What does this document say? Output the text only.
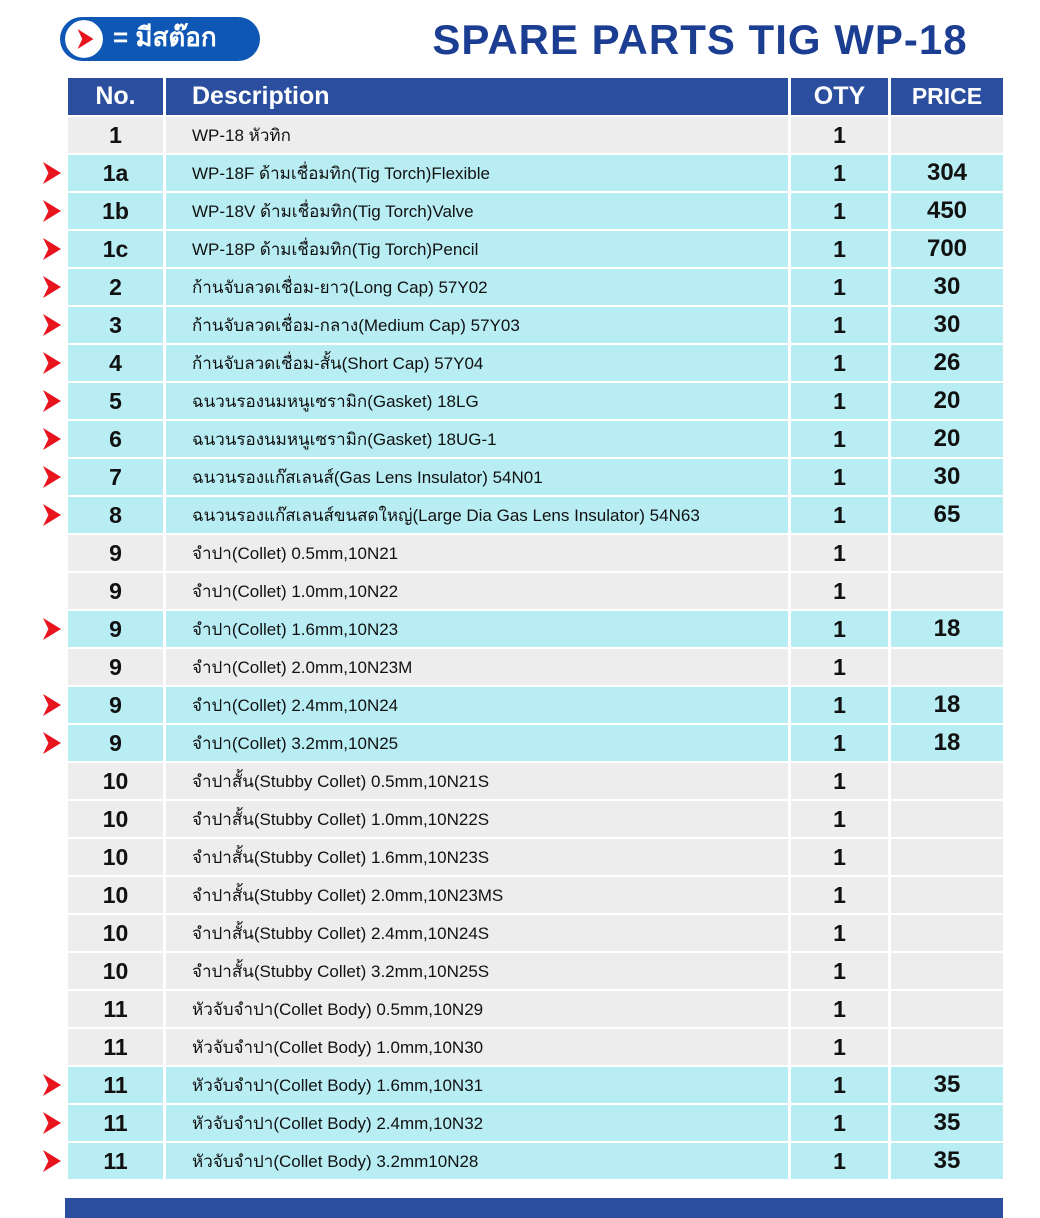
= มีสต๊อก	SPARE PARTS TIG WP-18
No.	Description	OTY	PRICE
1	WP-18 หัวทิก	1
1a	WP-18F ด้ามเชื่อมทิก(Tig Torch)Flexible	1	304
1b	WP-18V ด้ามเชื่อมทิก(Tig Torch)Valve	1	450
1c	WP-18P ด้ามเชื่อมทิก(Tig Torch)Pencil	1	700
2	ก้านจับลวดเชื่อม-ยาว(Long Cap) 57Y02	1	30
3	ก้านจับลวดเชื่อม-กลาง(Medium Cap) 57Y03	1	30
4	ก้านจับลวดเชื่อม-สั้น(Short Cap) 57Y04	1	26
5	ฉนวนรองนมหนูเซรามิก(Gasket) 18LG	1	20
6	ฉนวนรองนมหนูเซรามิก(Gasket) 18UG-1	1	20
7	ฉนวนรองแก๊สเลนส์(Gas Lens Insulator) 54N01	1	30
8	ฉนวนรองแก๊สเลนส์ขนสดใหญ่(Large Dia Gas Lens Insulator) 54N63	1	65
9	จำปา(Collet) 0.5mm,10N21	1
9	จำปา(Collet) 1.0mm,10N22	1
9	จำปา(Collet) 1.6mm,10N23	1	18
9	จำปา(Collet) 2.0mm,10N23M	1
9	จำปา(Collet) 2.4mm,10N24	1	18
9	จำปา(Collet) 3.2mm,10N25	1	18
10	จำปาสั้น(Stubby Collet) 0.5mm,10N21S	1
10	จำปาสั้น(Stubby Collet) 1.0mm,10N22S	1
10	จำปาสั้น(Stubby Collet) 1.6mm,10N23S	1
10	จำปาสั้น(Stubby Collet) 2.0mm,10N23MS	1
10	จำปาสั้น(Stubby Collet) 2.4mm,10N24S	1
10	จำปาสั้น(Stubby Collet) 3.2mm,10N25S	1
11	หัวจับจำปา(Collet Body) 0.5mm,10N29	1
11	หัวจับจำปา(Collet Body) 1.0mm,10N30	1
11	หัวจับจำปา(Collet Body) 1.6mm,10N31	1	35
11	หัวจับจำปา(Collet Body) 2.4mm,10N32	1	35
11	หัวจับจำปา(Collet Body) 3.2mm10N28	1	35
